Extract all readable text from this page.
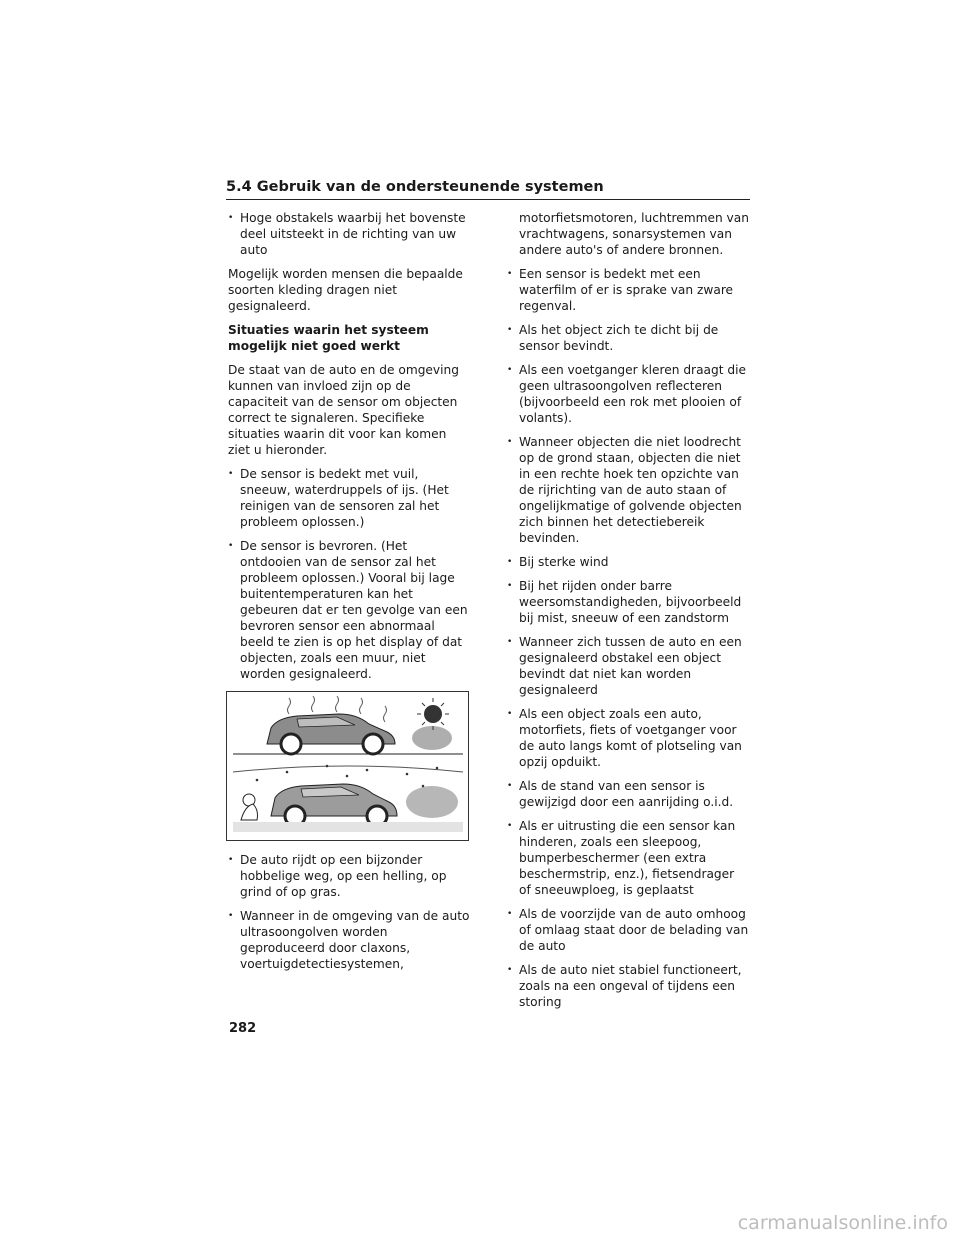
5.4 Gebruik van de ondersteunende systemen
• Hoge obstakels waarbij het bovenste deel uitsteekt in de richting van uw auto

Mogelijk worden mensen die bepaalde soorten kleding dragen niet gesignaleerd.

Situaties waarin het systeem mogelijk niet goed werkt

De staat van de auto en de omgeving kunnen van invloed zijn op de capaciteit van de sensor om objecten correct te signaleren. Specifieke situaties waarin dit voor kan komen ziet u hieronder.

• De sensor is bedekt met vuil, sneeuw, waterdruppels of ijs. (Het reinigen van de sensoren zal het probleem oplossen.)
• De sensor is bevroren. (Het ontdooien van de sensor zal het probleem oplossen.) Vooral bij lage buitentemperaturen kan het gebeuren dat er ten gevolge van een bevroren sensor een abnormaal beeld te zien is op het display of dat objecten, zoals een muur, niet worden gesignaleerd.
•
• De auto rijdt op een bijzonder hobbelige weg, op een helling, op grind of op gras.
• Wanneer in de omgeving van de auto ultrasoongolven worden geproduceerd door claxons, voertuigdetectiesystemen,
motorfietsmotoren, luchtremmen van vrachtwagens, sonarsystemen van andere auto's of andere bronnen.
• Een sensor is bedekt met een waterfilm of er is sprake van zware regenval.
• Als het object zich te dicht bij de sensor bevindt.
• Als een voetganger kleren draagt die geen ultrasoongolven reflecteren (bijvoorbeeld een rok met plooien of volants).
• Wanneer objecten die niet loodrecht op de grond staan, objecten die niet in een rechte hoek ten opzichte van de rijrichting van de auto staan of ongelijkmatige of golvende objecten zich binnen het detectiebereik bevinden.
• Bij sterke wind
• Bij het rijden onder barre weersomstandigheden, bijvoorbeeld bij mist, sneeuw of een zandstorm
• Wanneer zich tussen de auto en een gesignaleerd obstakel een object bevindt dat niet kan worden gesignaleerd
• Als een object zoals een auto, motorfiets, fiets of voetganger voor de auto langs komt of plotseling van opzij opduikt.
• Als de stand van een sensor is gewijzigd door een aanrijding o.i.d.
• Als er uitrusting die een sensor kan hinderen, zoals een sleepoog, bumperbeschermer (een extra beschermstrip, enz.), fietsendrager of sneeuwploeg, is geplaatst
• Als de voorzijde van de auto omhoog of omlaag staat door de belading van de auto
• Als de auto niet stabiel functioneert, zoals na een ongeval of tijdens een storing
282
carmanualsonline.info
